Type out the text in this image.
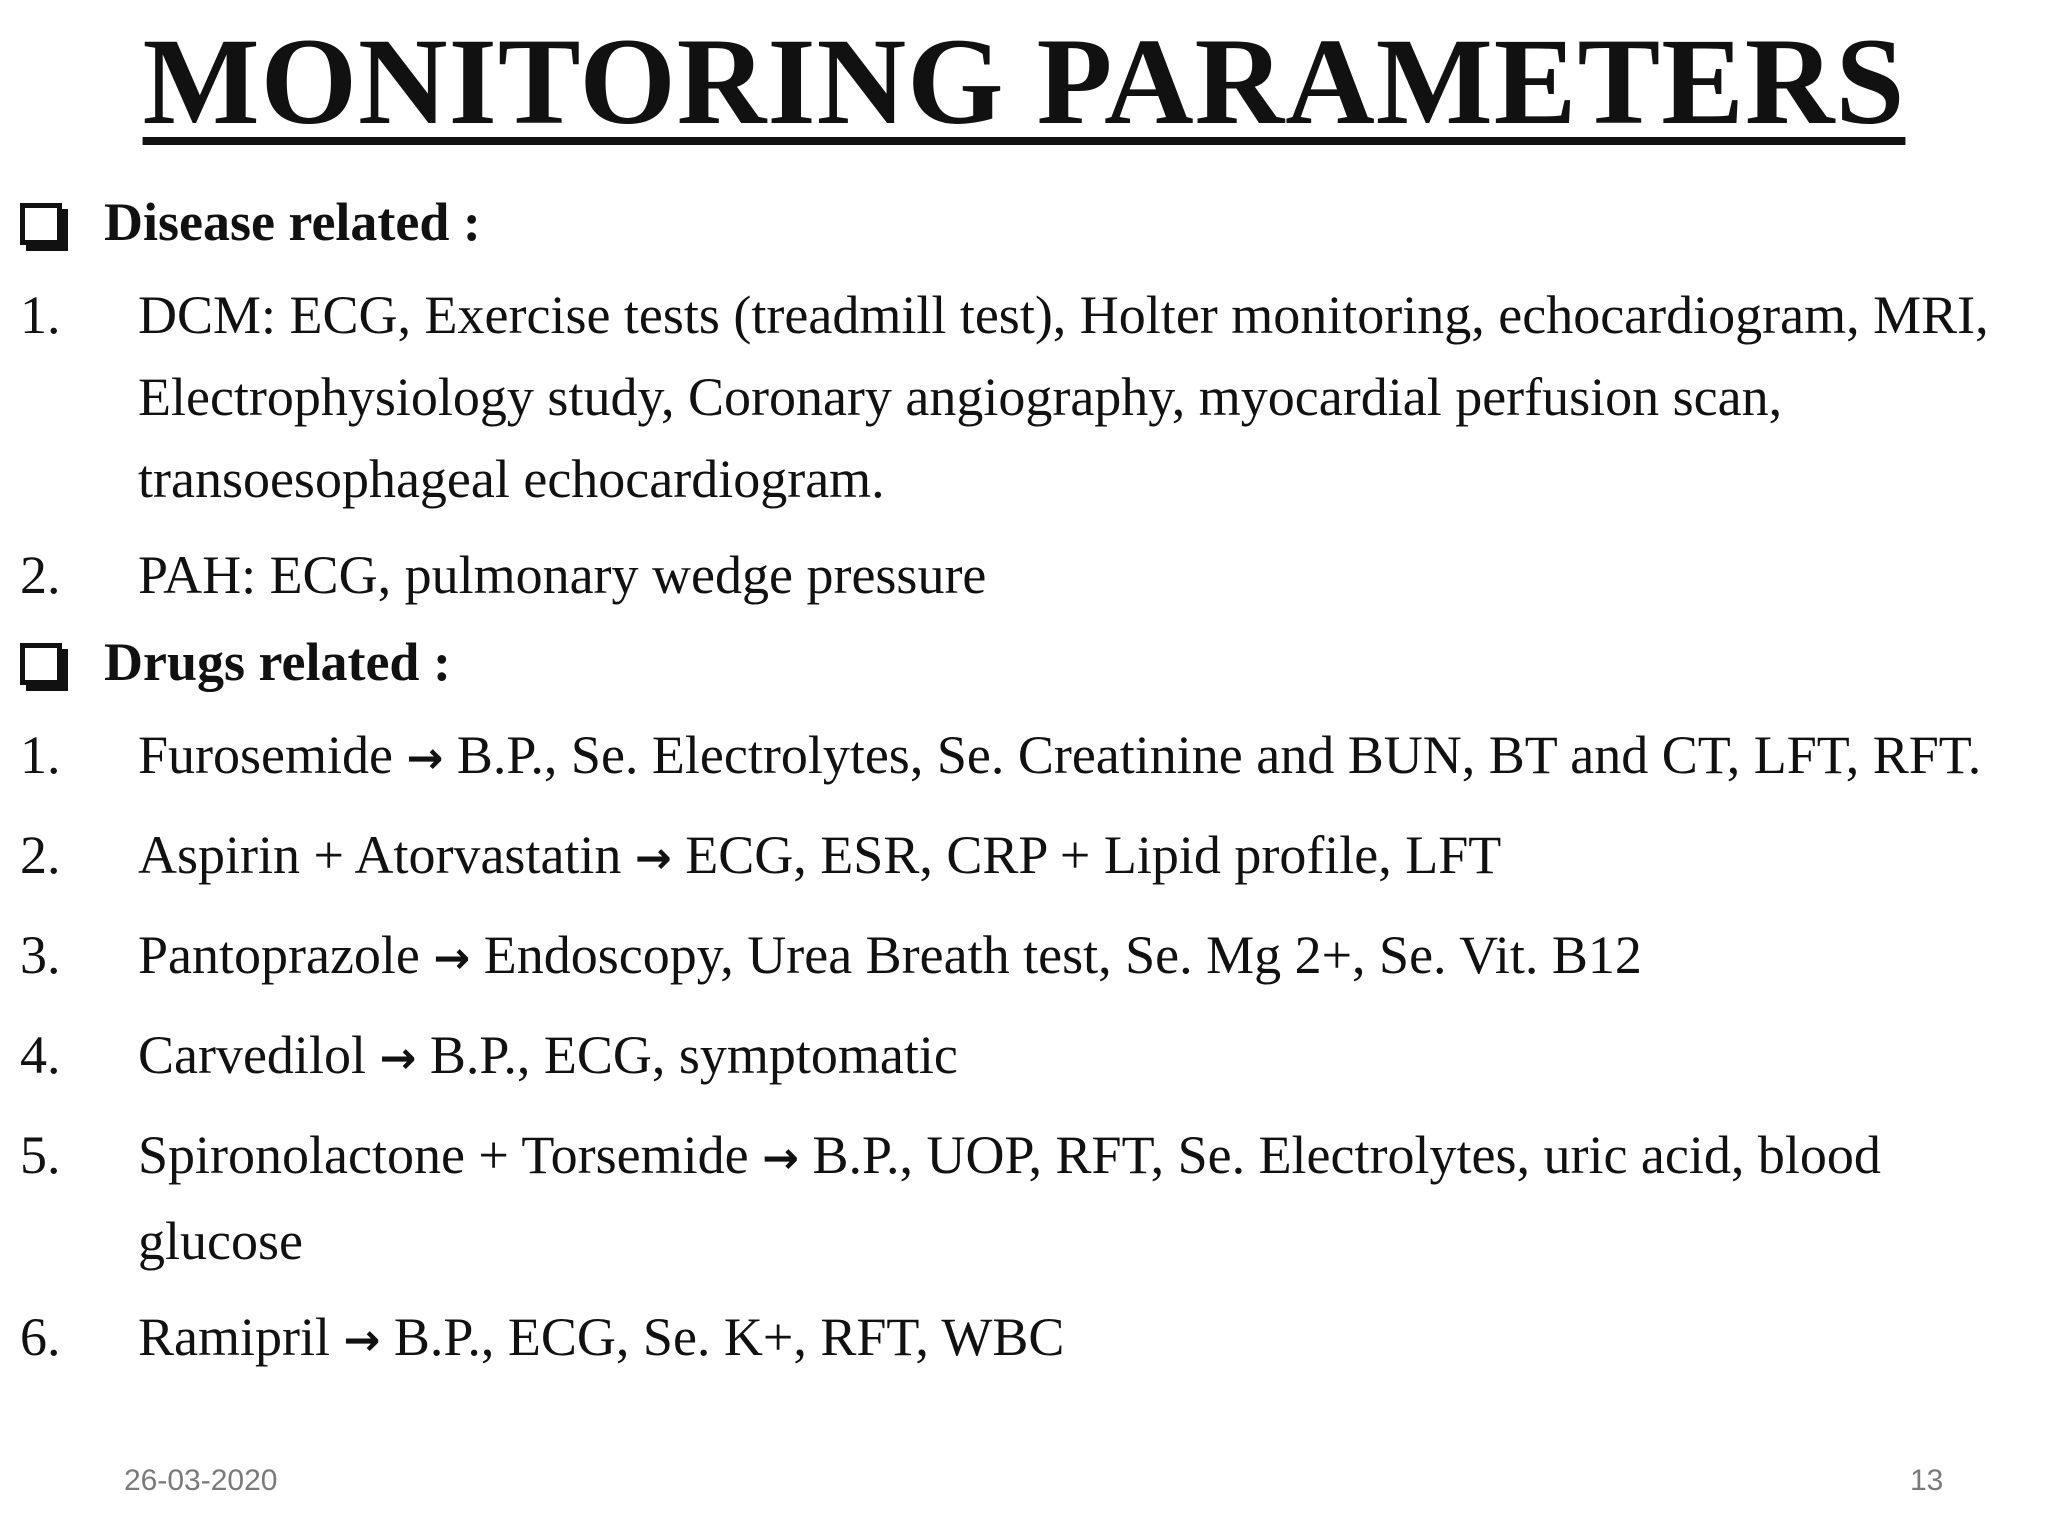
MONITORING PARAMETERS
Disease related :
1.	DCM: ECG, Exercise tests (treadmill test), Holter monitoring, echocardiogram, MRI, Electrophysiology study, Coronary angiography, myocardial perfusion scan, transoesophageal echocardiogram.
2.	PAH: ECG, pulmonary wedge pressure
Drugs related :
1.	Furosemide → B.P., Se. Electrolytes, Se. Creatinine and BUN, BT and CT, LFT, RFT.
2.	Aspirin + Atorvastatin → ECG, ESR, CRP + Lipid profile, LFT
3.	Pantoprazole → Endoscopy, Urea Breath test, Se. Mg 2+, Se. Vit. B12
4.	Carvedilol → B.P., ECG, symptomatic
5.	Spironolactone + Torsemide → B.P., UOP, RFT, Se. Electrolytes, uric acid, blood glucose
6.	Ramipril → B.P., ECG, Se. K+, RFT, WBC
26-03-2020	13
